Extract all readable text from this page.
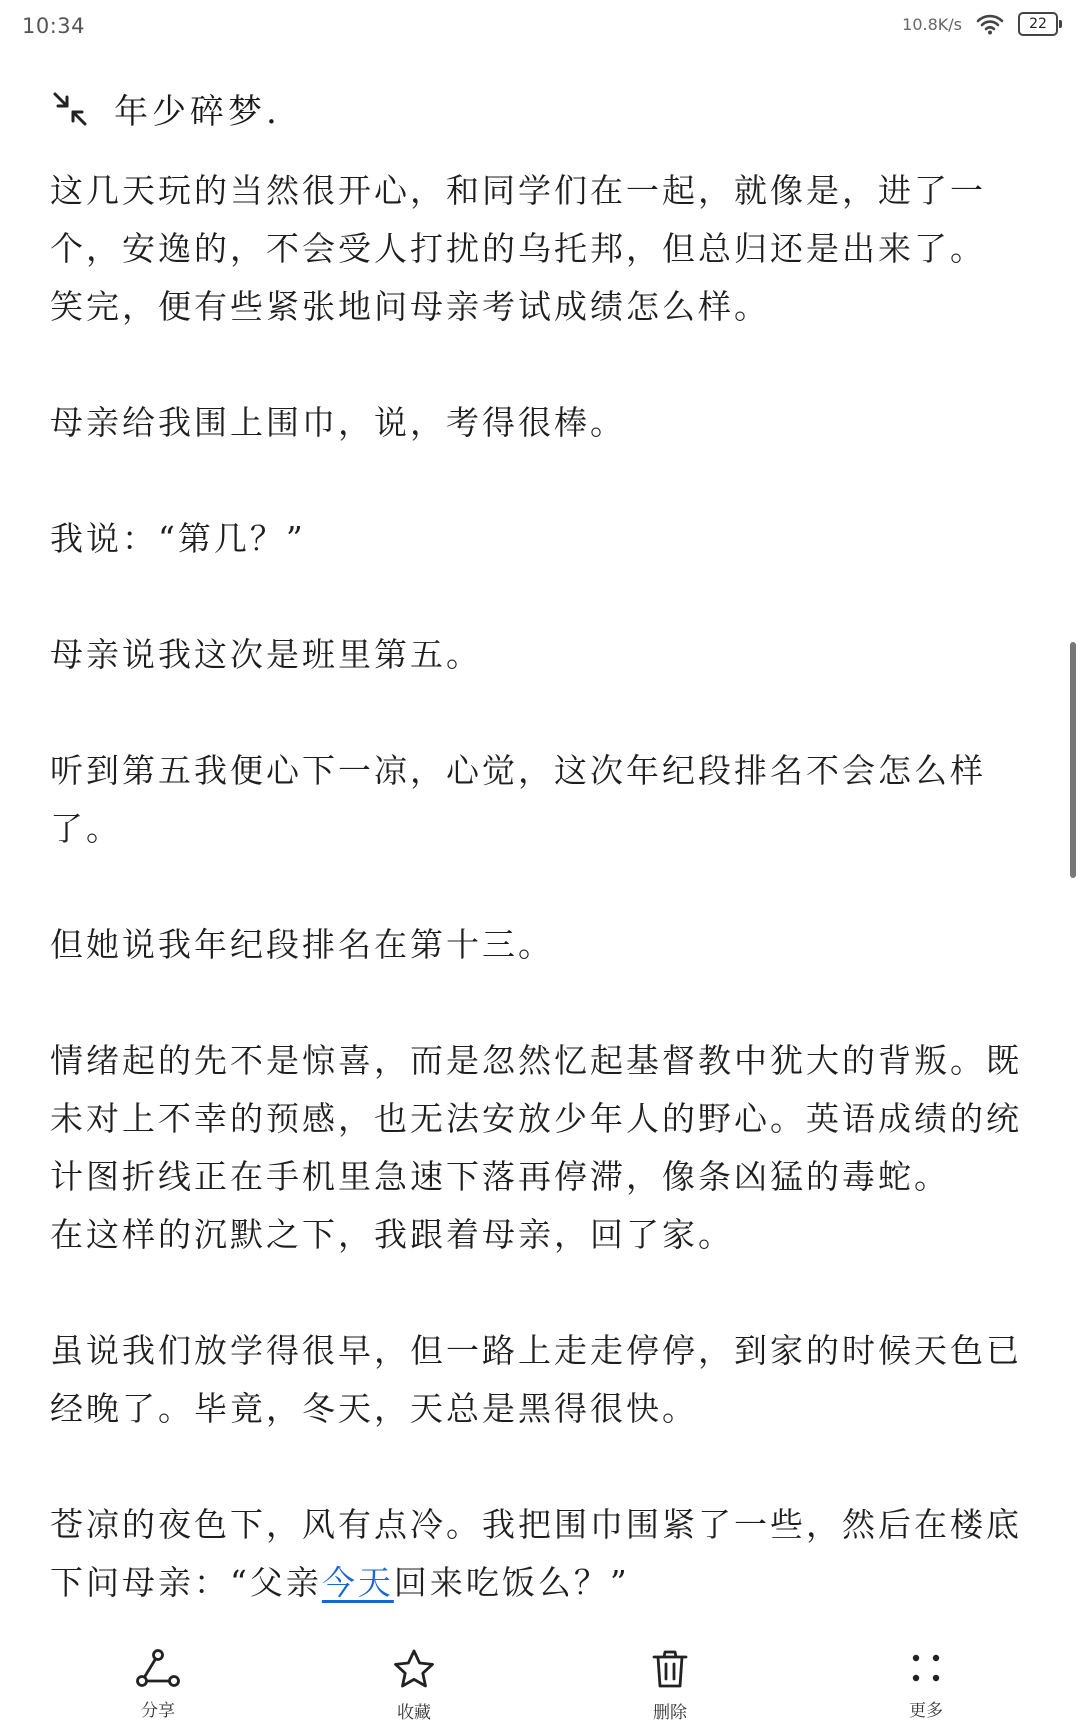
10:34	10.8K/s	22
年少碎梦.

这几天玩的当然很开心，和同学们在一起，就像是，进了一
个，安逸的，不会受人打扰的乌托邦，但总归还是出来了。
笑完，便有些紧张地问母亲考试成绩怎么样。

母亲给我围上围巾，说，考得很棒。

我说：“第几？”

母亲说我这次是班里第五。

听到第五我便心下一凉，心觉，这次年纪段排名不会怎么样
了。

但她说我年纪段排名在第十三。

情绪起的先不是惊喜，而是忽然忆起基督教中犹大的背叛。既
未对上不幸的预感，也无法安放少年人的野心。英语成绩的统
计图折线正在手机里急速下落再停滞，像条凶猛的毒蛇。
在这样的沉默之下，我跟着母亲，回了家。

虽说我们放学得很早，但一路上走走停停，到家的时候天色已
经晚了。毕竟，冬天，天总是黑得很快。

苍凉的夜色下，风有点冷。我把围巾围紧了一些，然后在楼底
下问母亲：“父亲今天回来吃饭么？”

分享	收藏	删除	更多
